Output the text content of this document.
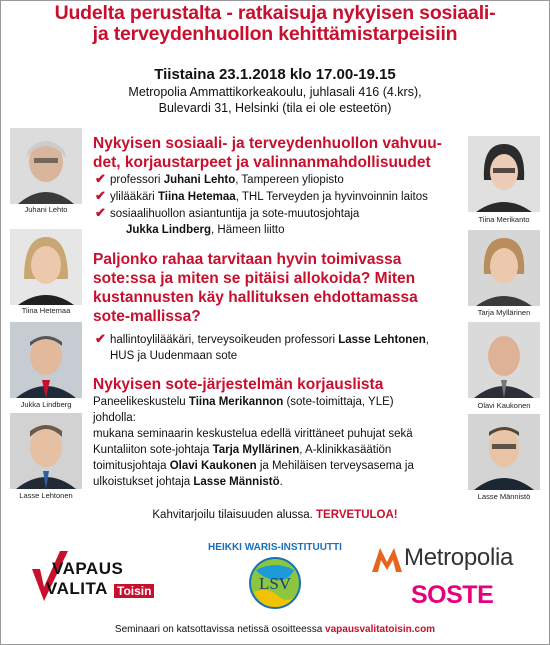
Uudelta perustalta - ratkaisuja nykyisen sosiaali-
ja terveydenhuollon kehittämistarpeisiin
Tiistaina 23.1.2018 klo 17.00-19.15
Metropolia Ammattikorkeakoulu, juhlasali 416 (4.krs),
Bulevardi 31, Helsinki (tila ei ole esteetön)
Juhani Lehto
Tiina Hetemaa
Jukka Lindberg
Lasse Lehtonen
Tiina Merikanto
Tarja Myllärinen
Olavi Kaukonen
Lasse Männistö
Nykyisen sosiaali- ja terveydenhuollon vahvuu-
det, korjaustarpeet ja valinnanmahdollisuudet
✔ professori Juhani Lehto, Tampereen yliopisto
✔ ylilääkäri Tiina Hetemaa, THL Terveyden ja hyvinvoinnin laitos
✔ sosiaalihuollon asiantuntija ja sote-muutosjohtaja
Jukka Lindberg, Hämeen liitto
Paljonko rahaa tarvitaan hyvin toimivassa
sote:ssa ja miten se pitäisi allokoida? Miten
kustannusten käy hallituksen ehdottamassa
sote-mallissa?
✔ hallintoylilääkäri, terveysoikeuden professori Lasse Lehtonen,
HUS ja Uudenmaan sote
Nykyisen sote-järjestelmän korjauslista
Paneelikeskustelu Tiina Merikannon (sote-toimittaja, YLE)
johdolla:
mukana seminaarin keskustelua edellä virittäneet puhujat sekä
Kuntaliiton sote-johtaja Tarja Myllärinen, A-klinikkasäätiön
toimitusjohtaja Olavi Kaukonen ja Mehiläisen terveysasema ja
ulkoistukset johtaja Lasse Männistö.
Kahvitarjoilu tilaisuuden alussa. TERVETULOA!
VAPAUS
VALITA Toisin
HEIKKI WARIS-INSTITUUTTI
LSV
Metropolia
SOSTE
Seminaari on katsottavissa netissä osoitteessa vapausvalitatoisin.com
